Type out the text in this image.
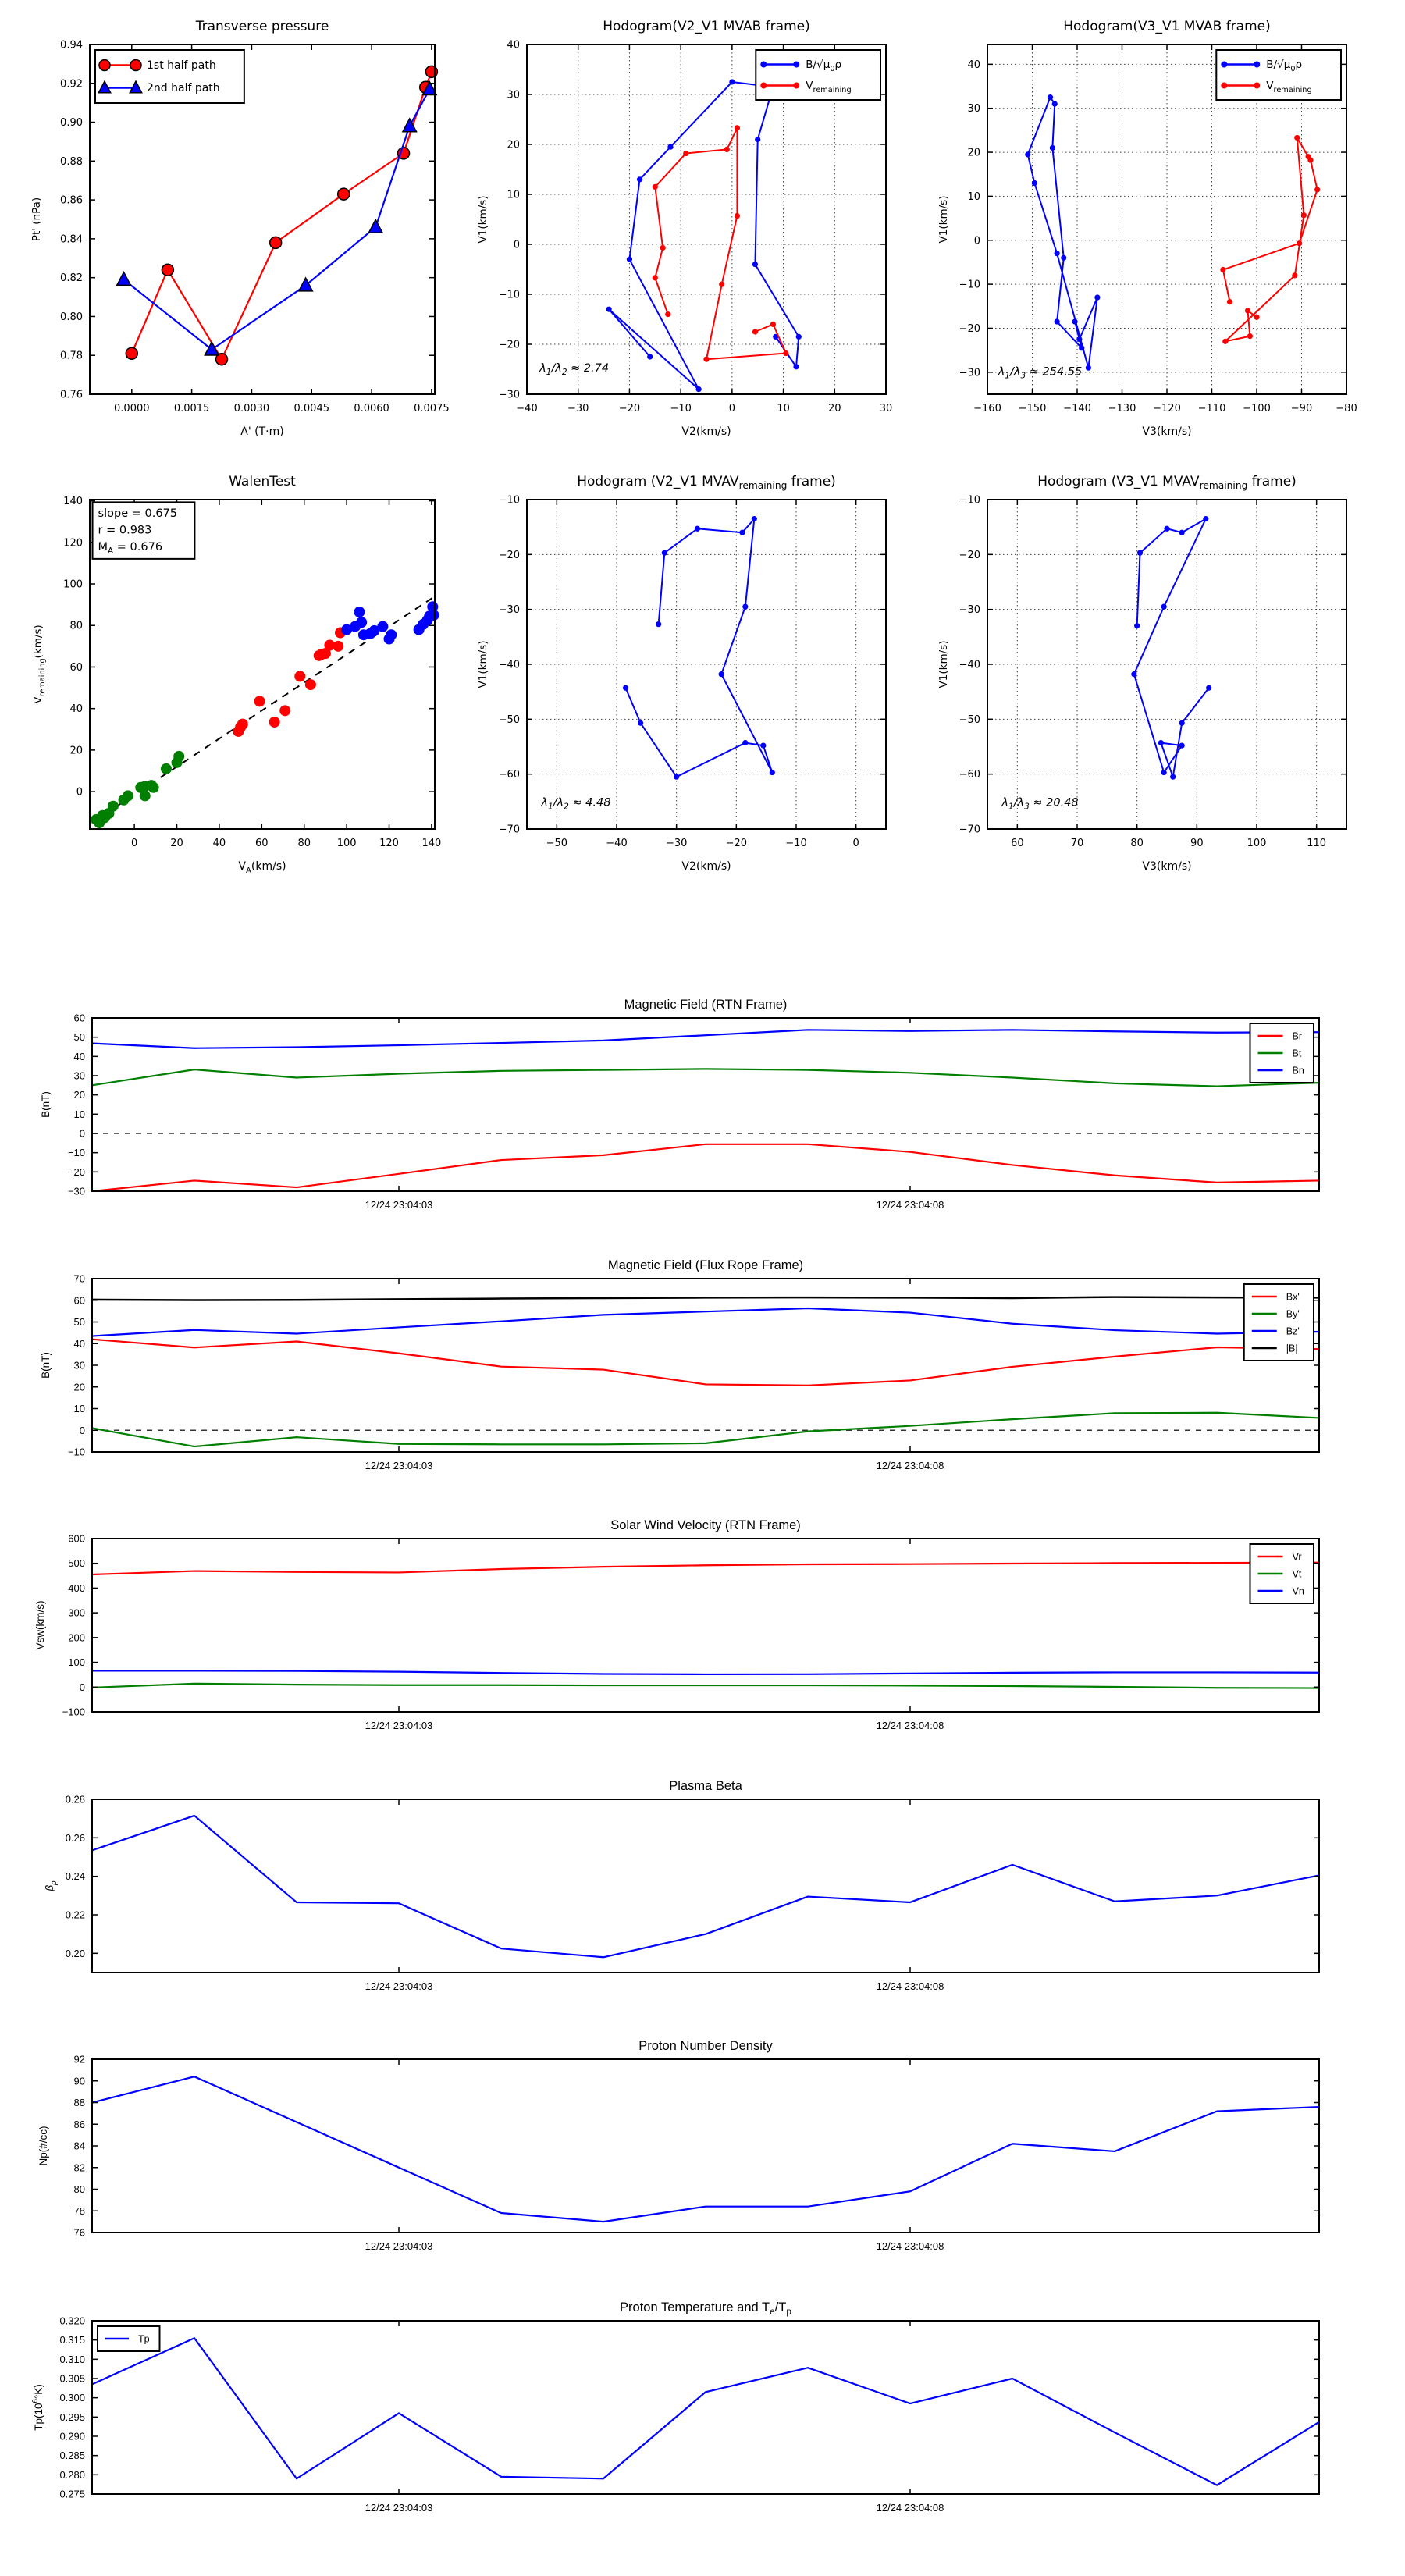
0.0000 0.0015 0.0030 0.0045 0.0060 0.0075
0.76
0.78
0.80
0.82
0.84
0.86
0.88
0.90
0.92
0.94
Transverse pressure
A' (T·m)
Pt' (nPa)
1st half path
2nd half path
−40	−30	−20	−10	0	10	20	30
−30
−20
−10
0
10
20
30
40
Hodogram(V2_V1 MVAB frame)
V2(km/s)
V1(km/s)
$B/√\mu_0\rho$
$V_{remaining}$
$\lambda_1/\lambda_2 \approx 2.74$
−160 −150 −140 −130 −120 −110 −100 −90 −80
−30
−20
−10
0
10
20
30
40
Hodogram(V3_V1 MVAB frame)
V3(km/s)
V1(km/s)
$B/√\mu_0\rho$
$V_{remaining}$
$\lambda_1/\lambda_3 \approx 254.55$
0	20	40	60	80	100 120 140
0
20
40
60
80
100
120
140
WalenTest
$V_A(km/s)$
$V_{remaining}(km/s)$
slope = 0.675
r = 0.983
$M_A = 0.676$
−50	−40	−30	−20	−10	0
−70
−60
−50
−40
−30
−20
−10
Hodogram (V2_V1 $MVAV_{remaining}$ frame)
V2(km/s)
V1(km/s)
$\lambda_1/\lambda_2 \approx 4.48$
60	70	80	90	100	110
−70
−60
−50
−40
−30
−20
−10
Hodogram (V3_V1 $MVAV_{remaining}$ frame)
V3(km/s)
V1(km/s)
$\lambda_1/\lambda_3 \approx 20.48$
12/24 23:04:03	12/24 23:04:08
−30
−20
−10
0
10
20
30
40
50
60
Magnetic Field (RTN Frame)
B(nT)
Br
Bt
Bn
12/24 23:04:03	12/24 23:04:08
−10
0
10
20
30
40
50
60
70
Magnetic Field (Flux Rope Frame)
B(nT)
Bx'
By'
Bz'
|B|
12/24 23:04:03	12/24 23:04:08
−100
0
100
200
300
400
500
600
Solar Wind Velocity (RTN Frame)
Vsw(km/s)
Vr
Vt
Vn
12/24 23:04:03	12/24 23:04:08
0.20
0.22
0.24
0.26
0.28
Plasma Beta
$\beta_p$
12/24 23:04:03	12/24 23:04:08
76
78
80
82
84
86
88
90
92
Proton Number Density
Np(#/cc)
12/24 23:04:03	12/24 23:04:08
0.275
0.280
0.285
0.290
0.295
0.300
0.305
0.310
0.315
0.320
Proton Temperature and $T_e/T_p$
$Tp(10^6^\circ K)$
Tp
